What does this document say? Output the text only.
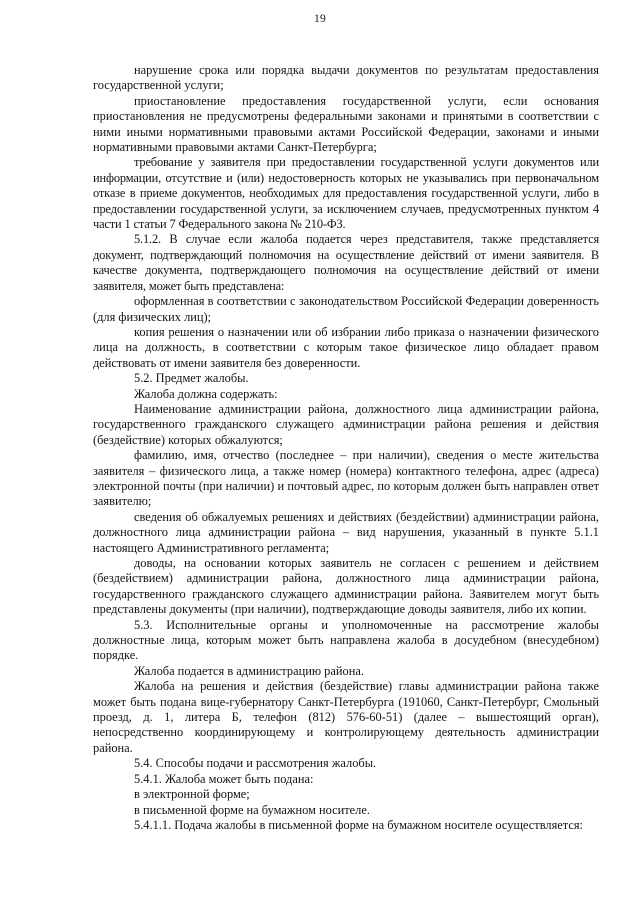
19

нарушение срока или порядка выдачи документов по результатам предоставления государственной услуги;

приостановление предоставления государственной услуги, если основания приостановления не предусмотрены федеральными законами и принятыми в соответствии с ними иными нормативными правовыми актами Российской Федерации, законами и иными нормативными правовыми актами Санкт-Петербурга;

требование у заявителя при предоставлении государственной услуги документов или информации, отсутствие и (или) недостоверность которых не указывались при первоначальном отказе в приеме документов, необходимых для предоставления государственной услуги, либо в предоставлении государственной услуги, за исключением случаев, предусмотренных пунктом 4 части 1 статьи 7 Федерального закона № 210-ФЗ.

5.1.2. В случае если жалоба подается через представителя, также представляется документ, подтверждающий полномочия на осуществление действий от имени заявителя. В качестве документа, подтверждающего полномочия на осуществление действий от имени заявителя, может быть представлена:

оформленная в соответствии с законодательством Российской Федерации доверенность (для физических лиц);

копия решения о назначении или об избрании либо приказа о назначении физического лица на должность, в соответствии с которым такое физическое лицо обладает правом действовать от имени заявителя без доверенности.

5.2. Предмет жалобы.

Жалоба должна содержать:

Наименование администрации района, должностного лица администрации района, государственного гражданского служащего администрации района решения и действия (бездействие) которых обжалуются;

фамилию, имя, отчество (последнее – при наличии), сведения о месте жительства заявителя – физического лица, а также номер (номера) контактного телефона, адрес (адреса) электронной почты (при наличии) и почтовый адрес, по которым должен быть направлен ответ заявителю;

сведения об обжалуемых решениях и действиях (бездействии) администрации района, должностного лица администрации района – вид нарушения, указанный в пункте 5.1.1 настоящего Административного регламента;

доводы, на основании которых заявитель не согласен с решением и действием (бездействием) администрации района, должностного лица администрации района, государственного гражданского служащего администрации района. Заявителем могут быть представлены документы (при наличии), подтверждающие доводы заявителя, либо их копии.

5.3. Исполнительные органы и уполномоченные на рассмотрение жалобы должностные лица, которым может быть направлена жалоба в досудебном (внесудебном) порядке.

Жалоба подается в администрацию района.

Жалоба на решения и действия (бездействие) главы администрации района также может быть подана вице-губернатору Санкт-Петербурга (191060, Санкт-Петербург, Смольный проезд, д. 1, литера Б, телефон (812) 576-60-51) (далее – вышестоящий орган), непосредственно координирующему и контролирующему деятельность администрации района.

5.4. Способы подачи и рассмотрения жалобы.

5.4.1. Жалоба может быть подана:

в электронной форме;

в письменной форме на бумажном носителе.

5.4.1.1. Подача жалобы в письменной форме на бумажном носителе осуществляется:
